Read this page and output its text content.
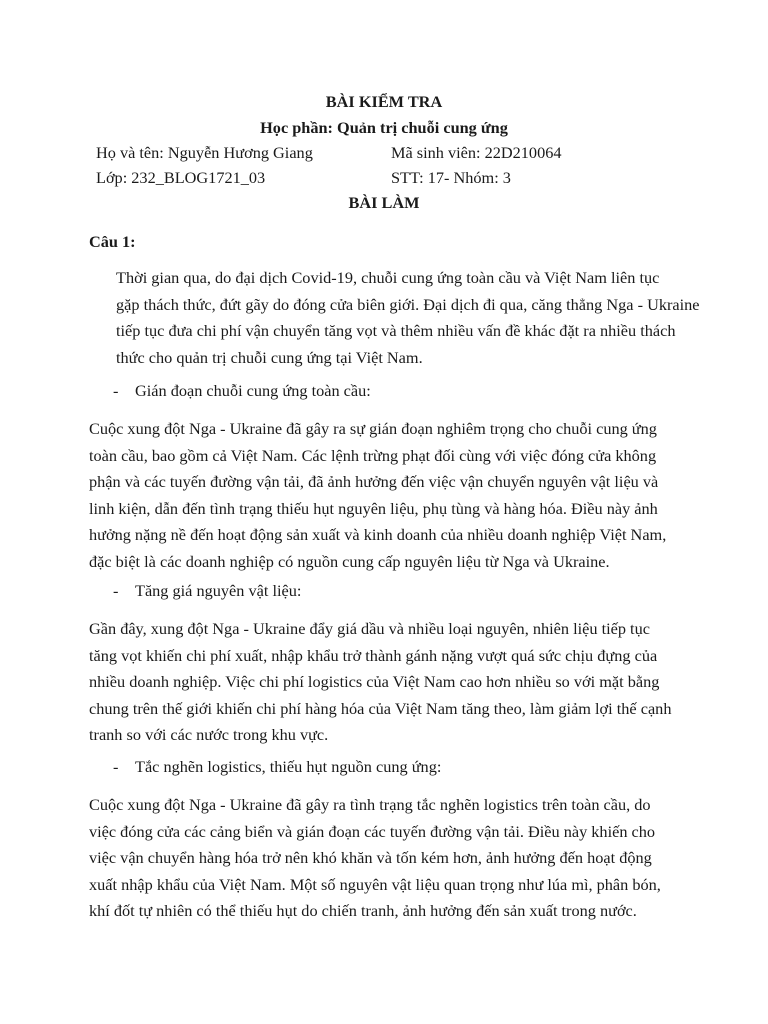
BÀI KIỂM TRA
Học phần: Quản trị chuỗi cung ứng
Họ và tên: Nguyễn Hương Giang	Mã sinh viên: 22D210064
Lớp: 232_BLOG1721_03	STT: 17- Nhóm: 3
BÀI LÀM
Câu 1:
Thời gian qua, do đại dịch Covid-19, chuỗi cung ứng toàn cầu và Việt Nam liên tục
gặp thách thức, đứt gãy do đóng cửa biên giới. Đại dịch đi qua, căng thẳng Nga - Ukraine
tiếp tục đưa chi phí vận chuyển tăng vọt và thêm nhiều vấn đề khác đặt ra nhiều thách
thức cho quản trị chuỗi cung ứng tại Việt Nam.
- Gián đoạn chuỗi cung ứng toàn cầu:
Cuộc xung đột Nga - Ukraine đã gây ra sự gián đoạn nghiêm trọng cho chuỗi cung ứng
toàn cầu, bao gồm cả Việt Nam. Các lệnh trừng phạt đối cùng với việc đóng cửa không
phận và các tuyến đường vận tải, đã ảnh hưởng đến việc vận chuyển nguyên vật liệu và
linh kiện, dẫn đến tình trạng thiếu hụt nguyên liệu, phụ tùng và hàng hóa. Điều này ảnh
hưởng nặng nề đến hoạt động sản xuất và kinh doanh của nhiều doanh nghiệp Việt Nam,
đặc biệt là các doanh nghiệp có nguồn cung cấp nguyên liệu từ Nga và Ukraine.
- Tăng giá nguyên vật liệu:
Gần đây, xung đột Nga - Ukraine đẩy giá dầu và nhiều loại nguyên, nhiên liệu tiếp tục
tăng vọt khiến chi phí xuất, nhập khẩu trở thành gánh nặng vượt quá sức chịu đựng của
nhiều doanh nghiệp. Việc chi phí logistics của Việt Nam cao hơn nhiều so với mặt bằng
chung trên thế giới khiến chi phí hàng hóa của Việt Nam tăng theo, làm giảm lợi thế cạnh
tranh so với các nước trong khu vực.
- Tắc nghẽn logistics, thiếu hụt nguồn cung ứng:
Cuộc xung đột Nga - Ukraine đã gây ra tình trạng tắc nghẽn logistics trên toàn cầu, do
việc đóng cửa các cảng biển và gián đoạn các tuyến đường vận tải. Điều này khiến cho
việc vận chuyển hàng hóa trở nên khó khăn và tốn kém hơn, ảnh hưởng đến hoạt động
xuất nhập khẩu của Việt Nam. Một số nguyên vật liệu quan trọng như lúa mì, phân bón,
khí đốt tự nhiên có thể thiếu hụt do chiến tranh, ảnh hưởng đến sản xuất trong nước.
